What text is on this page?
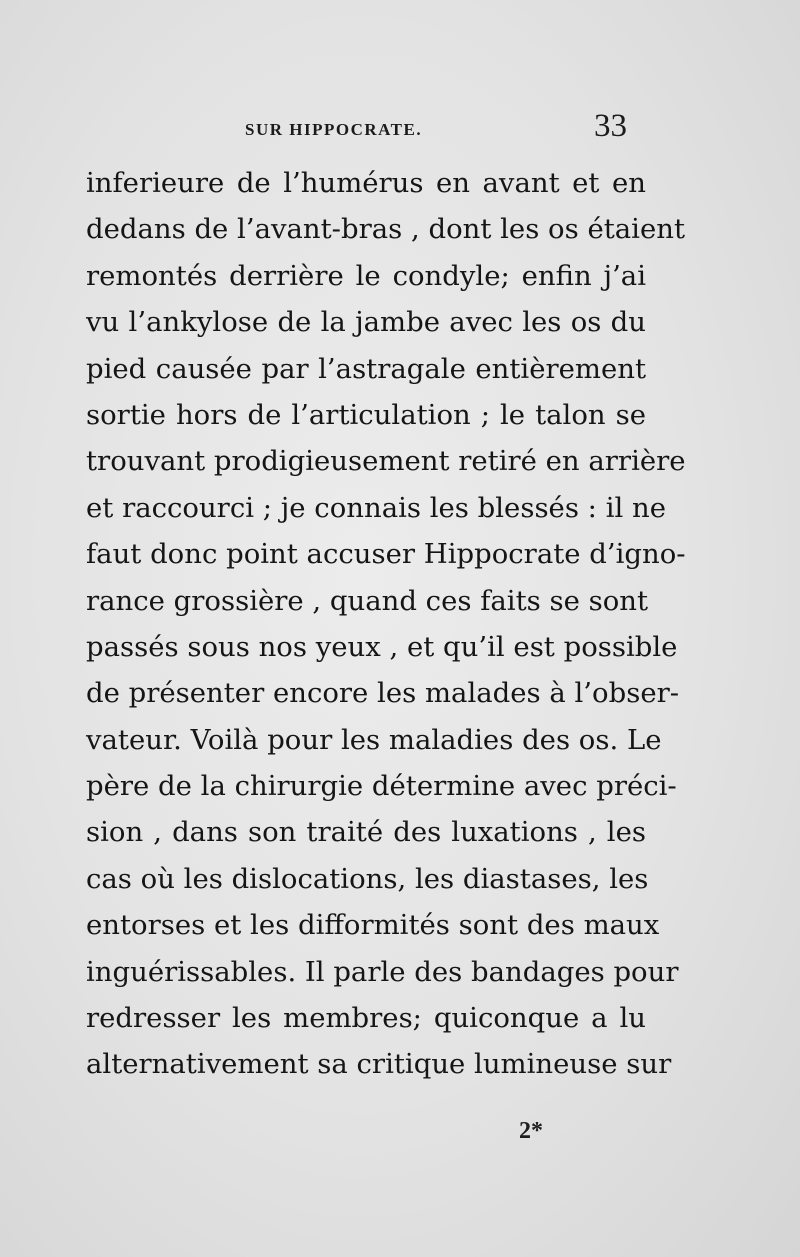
SUR HIPPOCRATE.	33
inferieure de l’humérus en avant et en
dedans de l’avant-bras , dont les os étaient
remontés derrière le condyle; enfin j’ai
vu l’ankylose de la jambe avec les os du
pied causée par l’astragale entièrement
sortie hors de l’articulation ; le talon se
trouvant prodigieusement retiré en arrière
et raccourci ; je connais les blessés : il ne
faut donc point accuser Hippocrate d’igno-
rance grossière , quand ces faits se sont
passés sous nos yeux , et qu’il est possible
de présenter encore les malades à l’obser-
vateur. Voilà pour les maladies des os. Le
père de la chirurgie détermine avec préci-
sion , dans son traité des luxations , les
cas où les dislocations, les diastases, les
entorses et les difformités sont des maux
inguérissables. Il parle des bandages pour
redresser les membres; quiconque a lu
alternativement sa critique lumineuse sur
2*
